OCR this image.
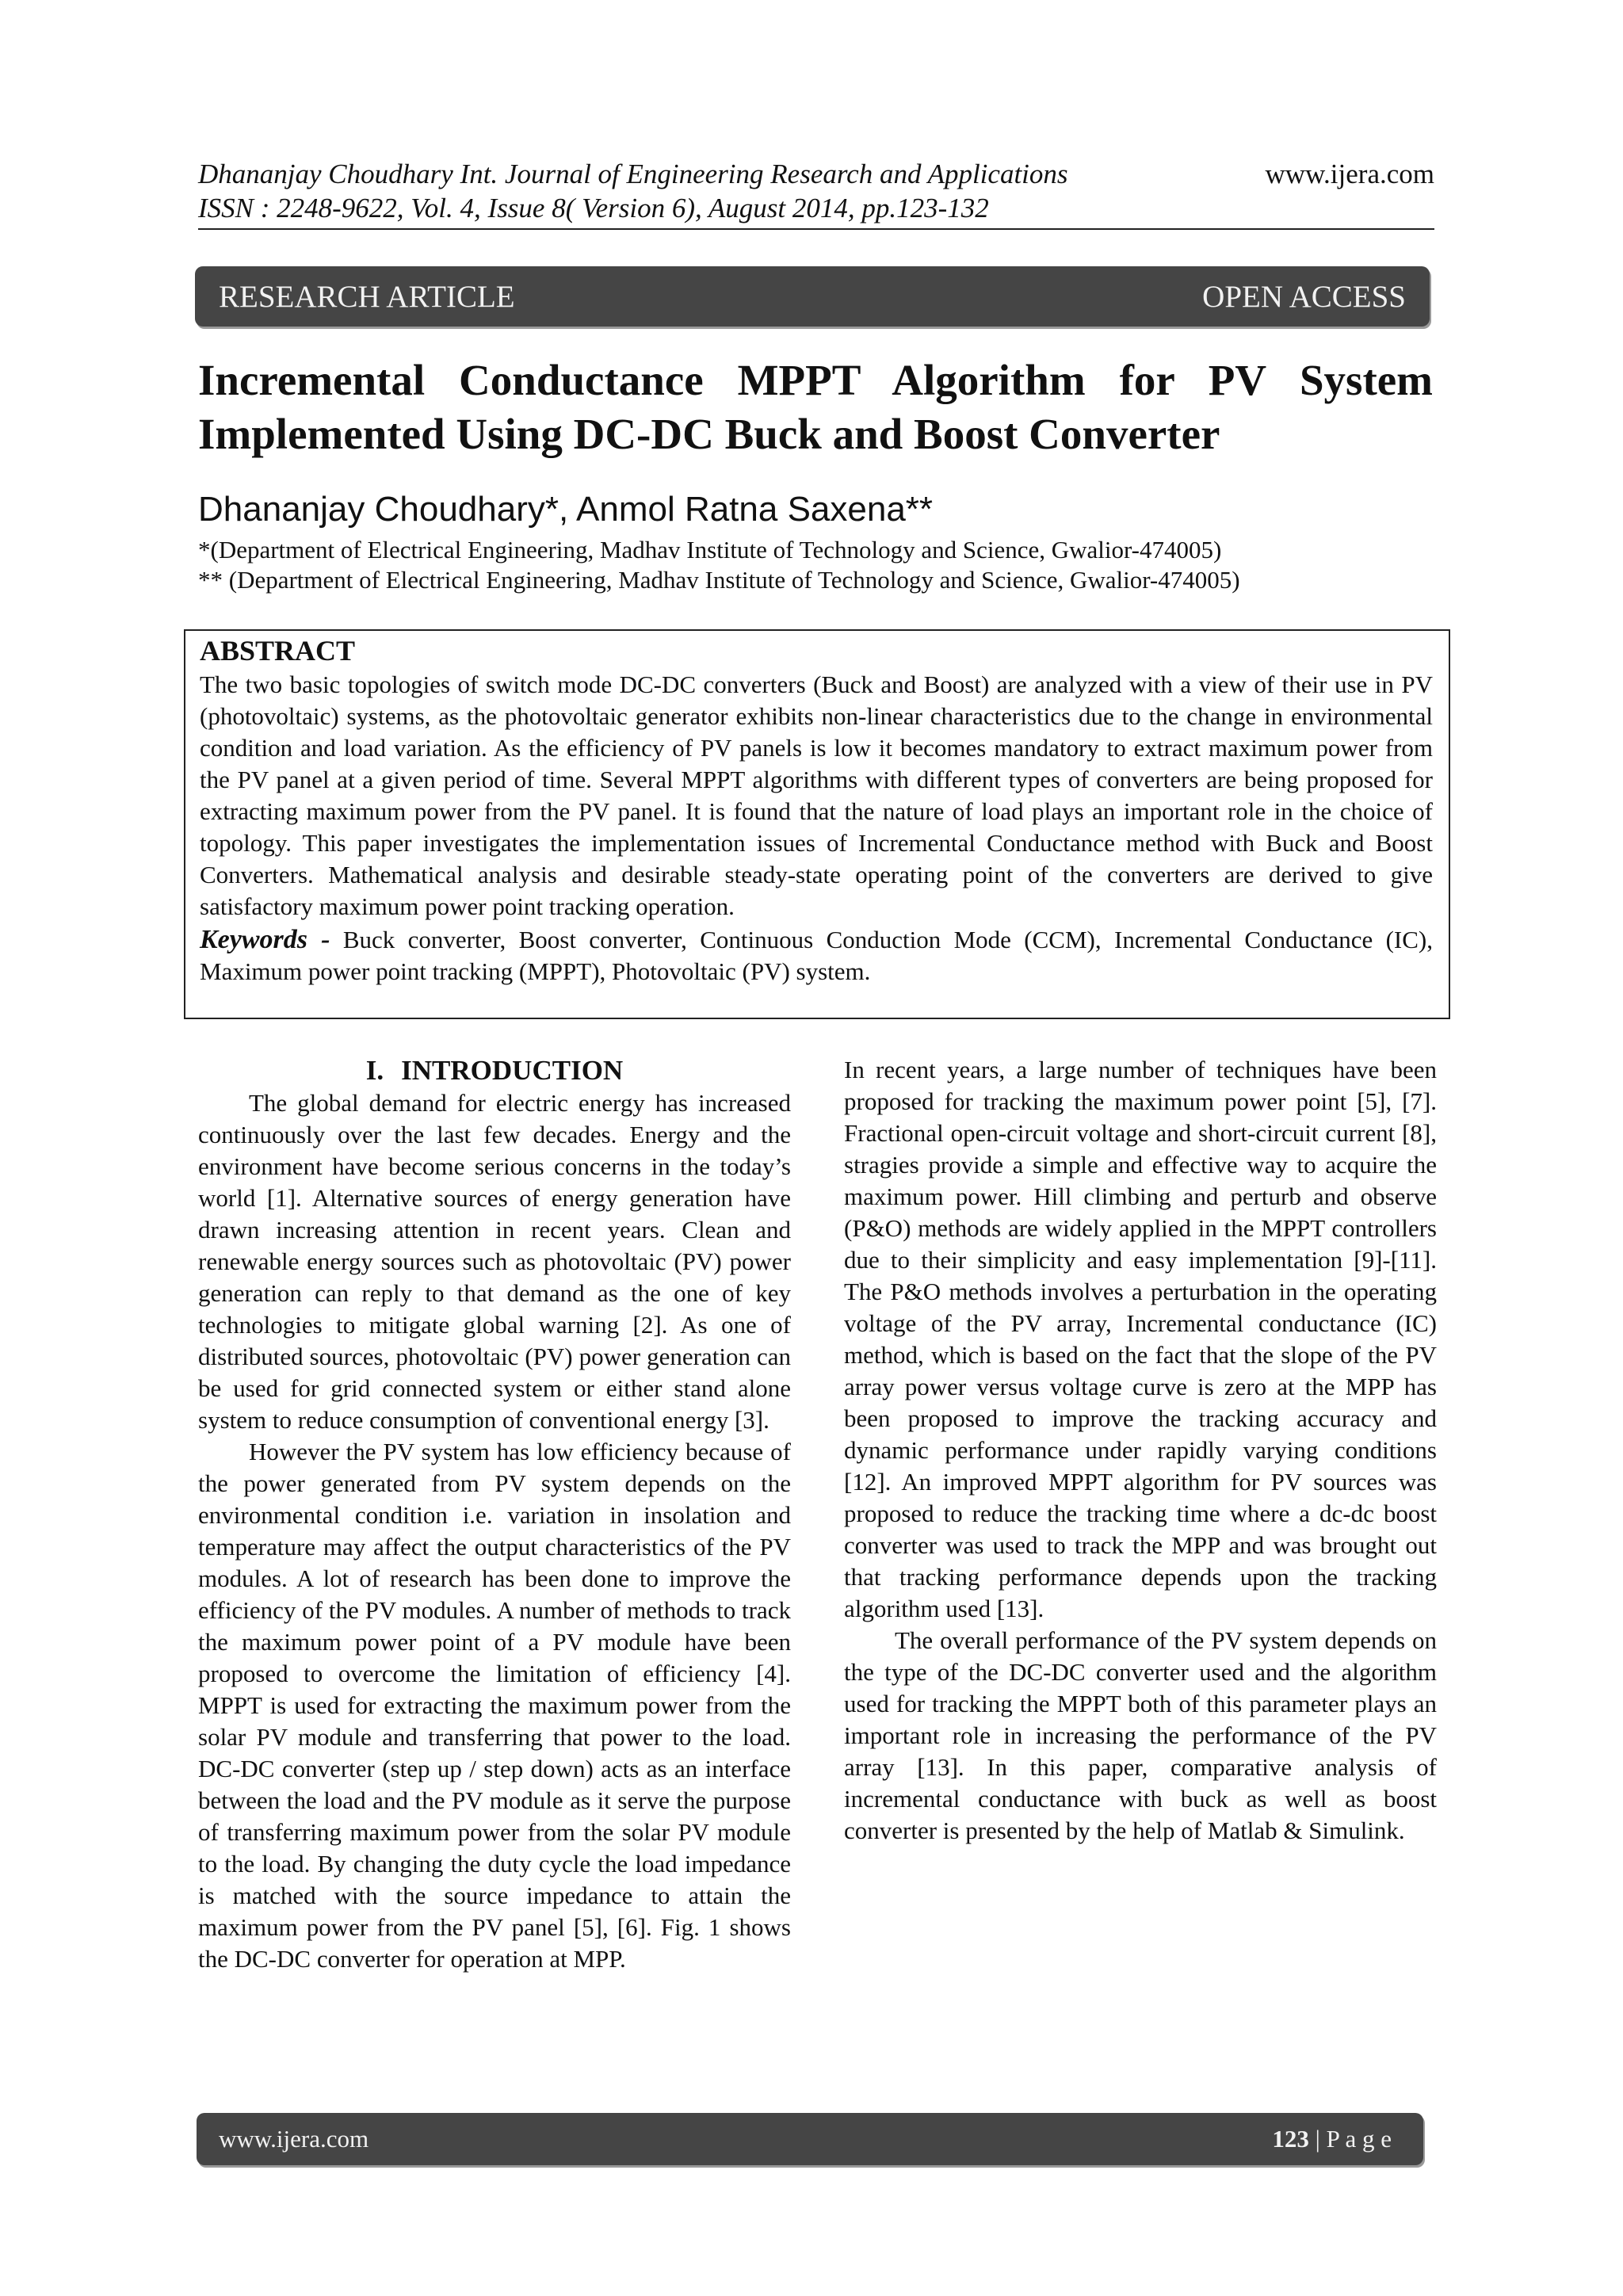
Dhananjay Choudhary Int. Journal of Engineering Research and Applications
ISSN : 2248-9622, Vol. 4, Issue 8( Version 6), August 2014, pp.123-132
www.ijera.com
RESEARCH ARTICLE	OPEN ACCESS
Incremental Conductance MPPT Algorithm for PV System Implemented Using DC-DC Buck and Boost Converter
Dhananjay Choudhary*, Anmol Ratna Saxena**
*(Department of Electrical Engineering, Madhav Institute of Technology and Science, Gwalior-474005)
** (Department of Electrical Engineering, Madhav Institute of Technology and Science, Gwalior-474005)
ABSTRACT
The two basic topologies of switch mode DC-DC converters (Buck and Boost) are analyzed with a view of their use in PV (photovoltaic) systems, as the photovoltaic generator exhibits non-linear characteristics due to the change in environmental condition and load variation. As the efficiency of PV panels is low it becomes mandatory to extract maximum power from the PV panel at a given period of time. Several MPPT algorithms with different types of converters are being proposed for extracting maximum power from the PV panel. It is found that the nature of load plays an important role in the choice of topology. This paper investigates the implementation issues of Incremental Conductance method with Buck and Boost Converters. Mathematical analysis and desirable steady-state operating point of the converters are derived to give satisfactory maximum power point tracking operation.
Keywords - Buck converter, Boost converter, Continuous Conduction Mode (CCM), Incremental Conductance (IC), Maximum power point tracking (MPPT), Photovoltaic (PV) system.
I. INTRODUCTION

The global demand for electric energy has increased continuously over the last few decades. Energy and the environment have become serious concerns in the today’s world [1]. Alternative sources of energy generation have drawn increasing attention in recent years. Clean and renewable energy sources such as photovoltaic (PV) power generation can reply to that demand as the one of key technologies to mitigate global warning [2]. As one of distributed sources, photovoltaic (PV) power generation can be used for grid connected system or either stand alone system to reduce consumption of conventional energy [3].

However the PV system has low efficiency because of the power generated from PV system depends on the environmental condition i.e. variation in insolation and temperature may affect the output characteristics of the PV modules. A lot of research has been done to improve the efficiency of the PV modules. A number of methods to track the maximum power point of a PV module have been proposed to overcome the limitation of efficiency [4]. MPPT is used for extracting the maximum power from the solar PV module and transferring that power to the load. DC-DC converter (step up / step down) acts as an interface between the load and the PV module as it serve the purpose of transferring maximum power from the solar PV module to the load. By changing the duty cycle the load impedance is matched with the source impedance to attain the maximum power from the PV panel [5], [6]. Fig. 1 shows the DC-DC converter for operation at MPP.

In recent years, a large number of techniques have been proposed for tracking the maximum power point [5], [7]. Fractional open-circuit voltage and short-circuit current [8], stragies provide a simple and effective way to acquire the maximum power. Hill climbing and perturb and observe (P&O) methods are widely applied in the MPPT controllers due to their simplicity and easy implementation [9]-[11]. The P&O methods involves a perturbation in the operating voltage of the PV array, Incremental conductance (IC) method, which is based on the fact that the slope of the PV array power versus voltage curve is zero at the MPP has been proposed to improve the tracking accuracy and dynamic performance under rapidly varying conditions [12]. An improved MPPT algorithm for PV sources was proposed to reduce the tracking time where a dc-dc boost converter was used to track the MPP and was brought out that tracking performance depends upon the tracking algorithm used [13].

The overall performance of the PV system depends on the type of the DC-DC converter used and the algorithm used for tracking the MPPT both of this parameter plays an important role in increasing the performance of the PV array [13]. In this paper, comparative analysis of incremental conductance with buck as well as boost converter is presented by the help of Matlab & Simulink.

www.ijera.com	123 | P a g e
